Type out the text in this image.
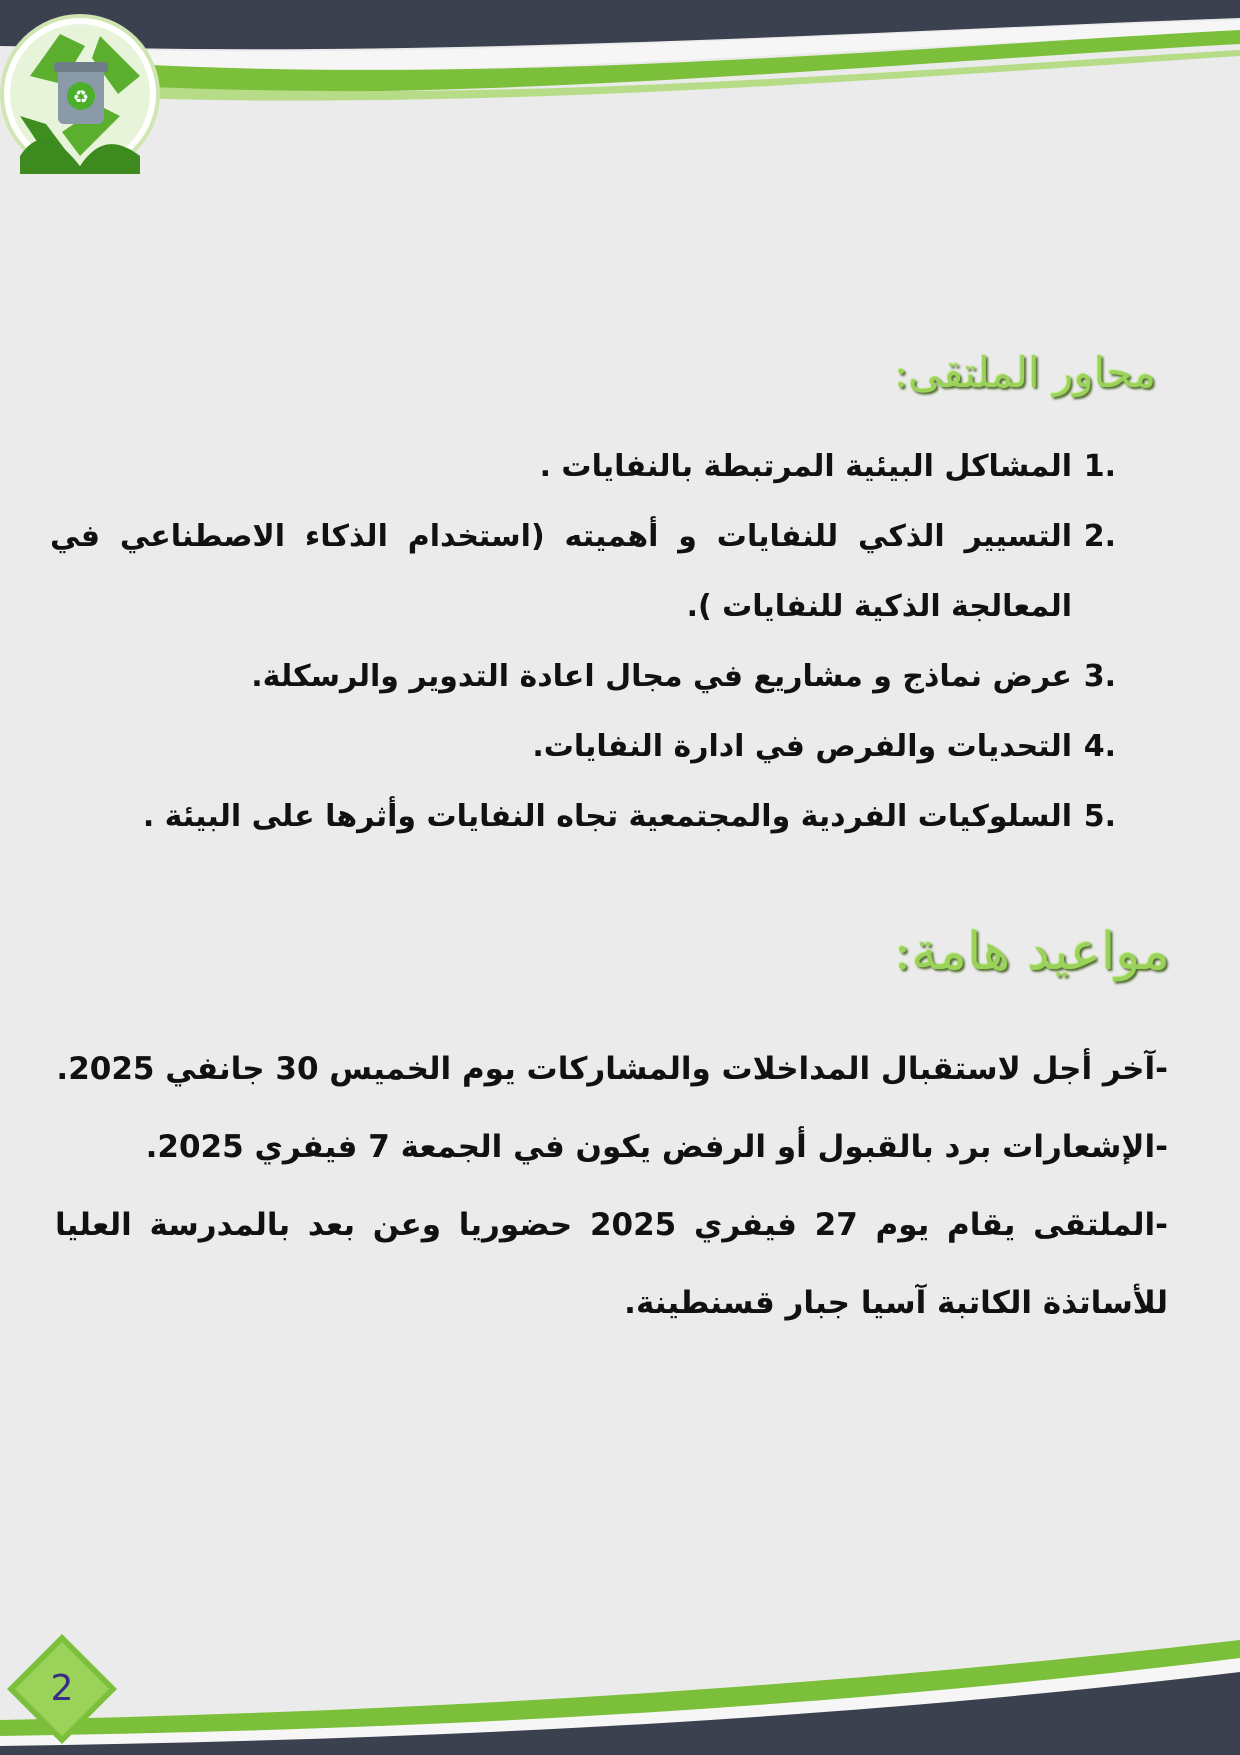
♻
محاور الملتقى:
1.
المشاكل البيئية المرتبطة بالنفايات .
2.
التسيير الذكي للنفايات و أهميته (استخدام الذكاء الاصطناعي في المعالجة الذكية للنفايات ).
3.
عرض نماذج و مشاريع في مجال اعادة التدوير والرسكلة.
4.
التحديات والفرص في ادارة النفايات.
5.
السلوكيات الفردية والمجتمعية تجاه النفايات وأثرها على البيئة .
مواعيد هامة:

-آخر أجل لاستقبال المداخلات والمشاركات يوم الخميس 30 جانفي 2025.

-الإشعارات برد بالقبول أو الرفض يكون في الجمعة 7 فيفري 2025.

-الملتقى يقام يوم 27 فيفري 2025 حضوريا وعن بعد بالمدرسة العليا للأساتذة الكاتبة آسيا جبار قسنطينة.

2
